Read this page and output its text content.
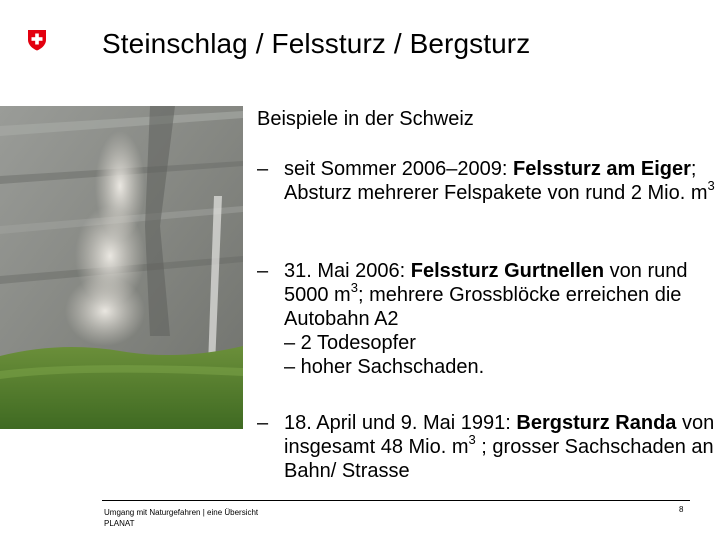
Steinschlag / Felssturz / Bergsturz
Beispiele in der Schweiz
– seit Sommer 2006–2009: Felssturz am Eiger; Absturz mehrerer Felspakete von rund 2 Mio. $m^3$
– 31. Mai 2006: Felssturz Gurtnellen von rund 5000 $m^3$; mehrere Grossblöcke erreichen die Autobahn A2
– 2 Todesopfer
– hoher Sachschaden.
– 18. April und 9. Mai 1991: Bergsturz Randa von insgesamt 48 Mio. $m^3$ ; grosser Sachschaden an Bahn/ Strasse
Umgang mit Naturgefahren | eine Übersicht
PLANAT
8
